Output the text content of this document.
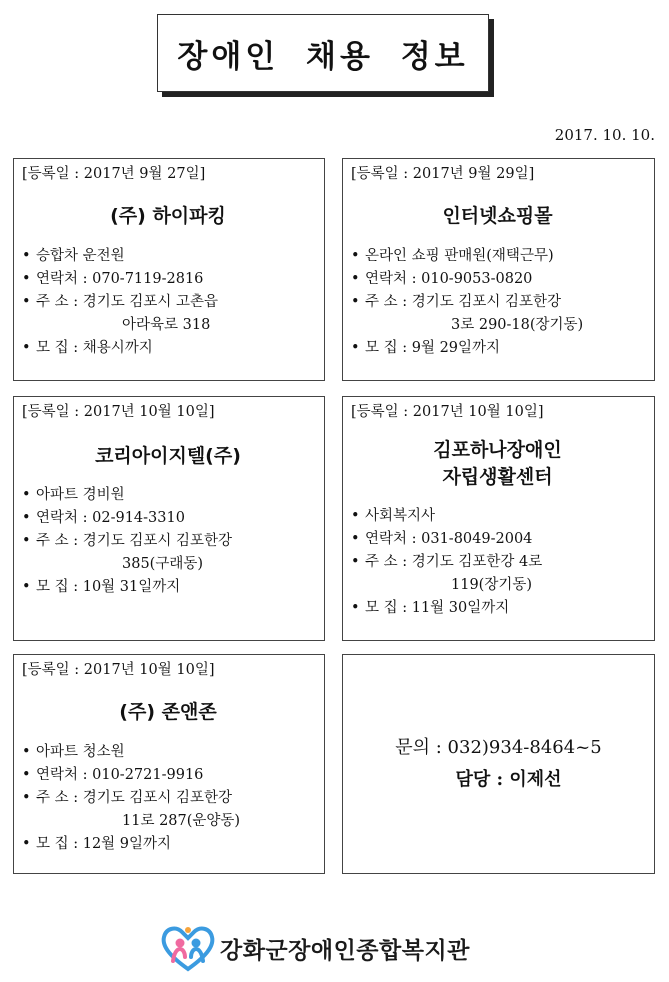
장애인 채용 정보
2017. 10. 10.
[등록일 : 2017년 9월 27일]
(주) 하이파킹
• 승합차 운전원
• 연락처 : 070-7119-2816
• 주 소 : 경기도 김포시 고촌읍
아라육로 318
• 모 집 : 채용시까지
[등록일 : 2017년 9월 29일]
인터넷쇼핑몰
• 온라인 쇼핑 판매원(재택근무)
• 연락처 : 010-9053-0820
• 주 소 : 경기도 김포시 김포한강
3로 290-18(장기동)
• 모 집 : 9월 29일까지
[등록일 : 2017년 10월 10일]
코리아이지텔(주)
• 아파트 경비원
• 연락처 : 02-914-3310
• 주 소 : 경기도 김포시 김포한강
385(구래동)
• 모 집 : 10월 31일까지
[등록일 : 2017년 10월 10일]
김포하나장애인
자립생활센터
• 사회복지사
• 연락처 : 031-8049-2004
• 주 소 : 경기도 김포한강 4로
119(장기동)
• 모 집 : 11월 30일까지
[등록일 : 2017년 10월 10일]
(주) 존앤존
• 아파트 청소원
• 연락처 : 010-2721-9916
• 주 소 : 경기도 김포시 김포한강
11로 287(운양동)
• 모 집 : 12월 9일까지
문의 : 032)934-8464~5
담당 : 이제선
강화군장애인종합복지관
